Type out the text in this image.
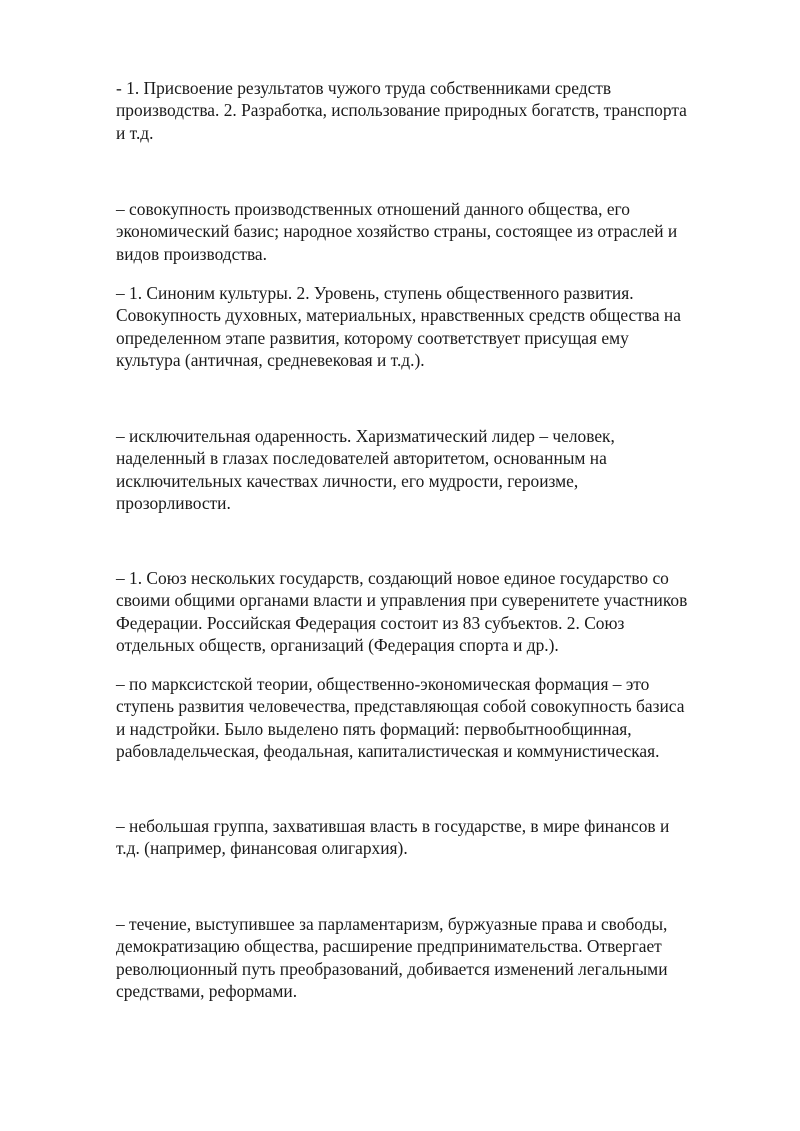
- 1. Присвоение результатов чужого труда собственниками средств
производства. 2. Разработка, использование природных богатств, транспорта
и т.д.

– совокупность производственных отношений данного общества, его
экономический базис; народное хозяйство страны, состоящее из отраслей и
видов производства.

– 1. Синоним культуры. 2. Уровень, ступень общественного развития.
Совокупность духовных, материальных, нравственных средств общества на
определенном этапе развития, которому соответствует присущая ему
культура (античная, средневековая и т.д.).

– исключительная одаренность. Харизматический лидер – человек,
наделенный в глазах последователей авторитетом, основанным на
исключительных качествах личности, его мудрости, героизме,
прозорливости.

– 1. Союз нескольких государств, создающий новое единое государство со
своими общими органами власти и управления при суверенитете участников
Федерации. Российская Федерация состоит из 83 субъектов. 2. Союз
отдельных обществ, организаций (Федерация спорта и др.).

– по марксистской теории, общественно-экономическая формация – это
ступень развития человечества, представляющая собой совокупность базиса
и надстройки. Было выделено пять формаций: первобытнообщинная,
рабовладельческая, феодальная, капиталистическая и коммунистическая.

– небольшая группа, захватившая власть в государстве, в мире финансов и
т.д. (например, финансовая олигархия).

– течение, выступившее за парламентаризм, буржуазные права и свободы,
демократизацию общества, расширение предпринимательства. Отвергает
революционный путь преобразований, добивается изменений легальными
средствами, реформами.
